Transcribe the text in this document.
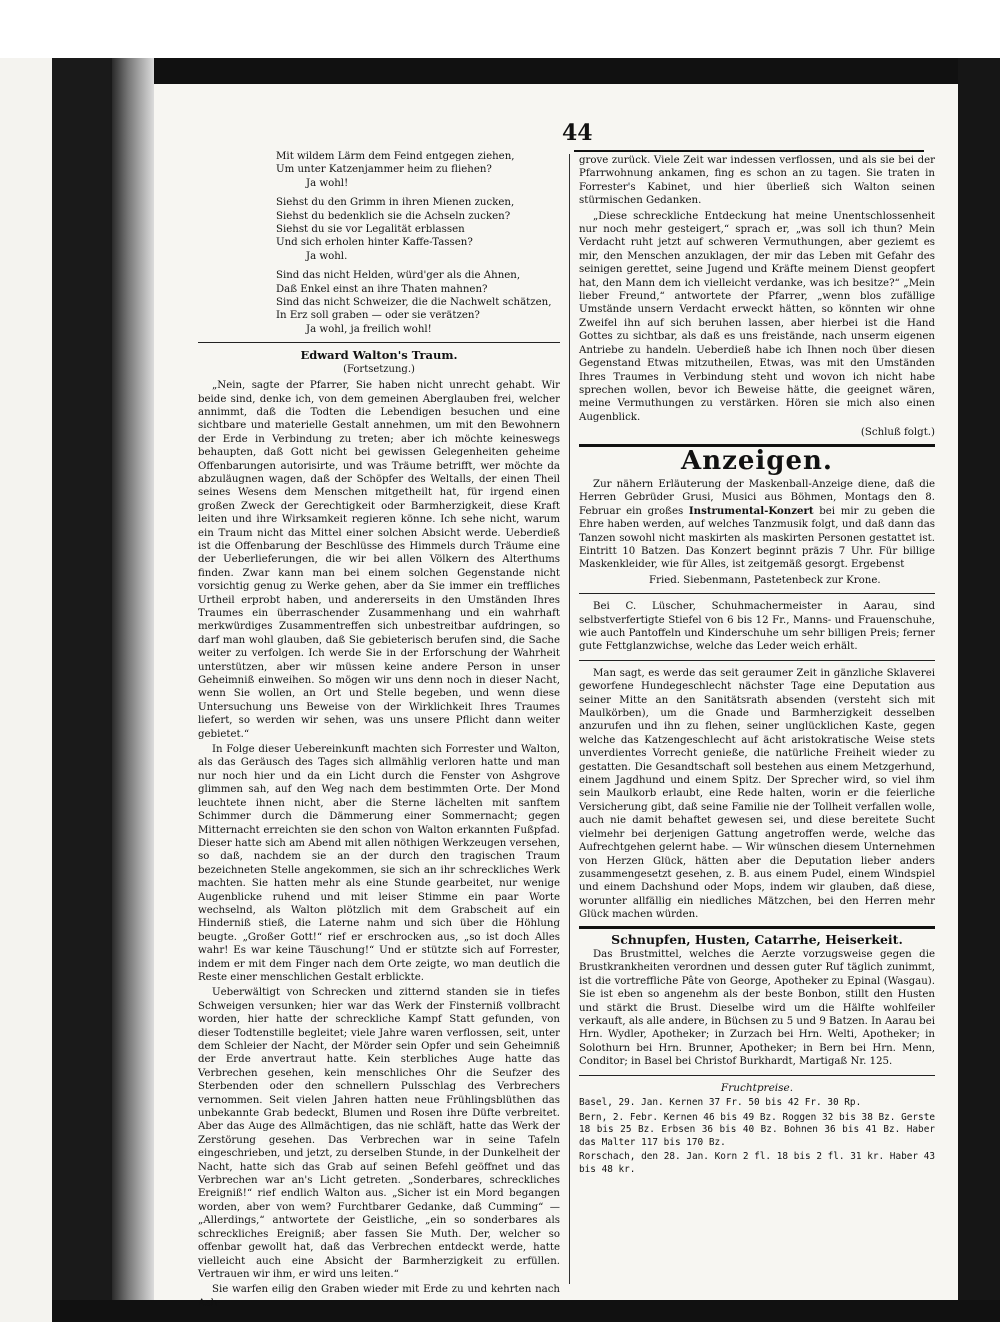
44
Mit wildem Lärm dem Feind entgegen ziehen,
Um unter Katzenjammer heim zu fliehen?
Ja wohl!
Siehst du den Grimm in ihren Mienen zucken,
Siehst du bedenklich sie die Achseln zucken?
Siehst du sie vor Legalität erblassen
Und sich erholen hinter Kaffe-Tassen?
Ja wohl.
Sind das nicht Helden, würd'ger als die Ahnen,
Daß Enkel einst an ihre Thaten mahnen?
Sind das nicht Schweizer, die die Nachwelt schätzen,
In Erz soll graben — oder sie verätzen?
Ja wohl, ja freilich wohl!
Edward Walton's Traum.
(Fortsetzung.)

„Nein, sagte der Pfarrer, Sie haben nicht unrecht gehabt. Wir beide sind, denke ich, von dem gemeinen Aberglauben frei, welcher annimmt, daß die Todten die Lebendigen besuchen und eine sichtbare und materielle Gestalt annehmen, um mit den Bewohnern der Erde in Verbindung zu treten; aber ich möchte keineswegs behaupten, daß Gott nicht bei gewissen Gelegenheiten geheime Offenbarungen autorisirte, und was Träume betrifft, wer möchte da abzuläugnen wagen, daß der Schöpfer des Weltalls, der einen Theil seines Wesens dem Menschen mitgetheilt hat, für irgend einen großen Zweck der Gerechtigkeit oder Barmherzigkeit, diese Kraft leiten und ihre Wirksamkeit regieren könne. Ich sehe nicht, warum ein Traum nicht das Mittel einer solchen Absicht werde. Ueberdieß ist die Offenbarung der Beschlüsse des Himmels durch Träume eine der Ueberlieferungen, die wir bei allen Völkern des Alterthums finden. Zwar kann man bei einem solchen Gegenstande nicht vorsichtig genug zu Werke gehen, aber da Sie immer ein treffliches Urtheil erprobt haben, und andererseits in den Umständen Ihres Traumes ein überraschender Zusammenhang und ein wahrhaft merkwürdiges Zusammentreffen sich unbestreitbar aufdringen, so darf man wohl glauben, daß Sie gebieterisch berufen sind, die Sache weiter zu verfolgen. Ich werde Sie in der Erforschung der Wahrheit unterstützen, aber wir müssen keine andere Person in unser Geheimniß einweihen. So mögen wir uns denn noch in dieser Nacht, wenn Sie wollen, an Ort und Stelle begeben, und wenn diese Untersuchung uns Beweise von der Wirklichkeit Ihres Traumes liefert, so werden wir sehen, was uns unsere Pflicht dann weiter gebietet.“

In Folge dieser Uebereinkunft machten sich Forrester und Walton, als das Geräusch des Tages sich allmählig verloren hatte und man nur noch hier und da ein Licht durch die Fenster von Ashgrove glimmen sah, auf den Weg nach dem bestimmten Orte. Der Mond leuchtete ihnen nicht, aber die Sterne lächelten mit sanftem Schimmer durch die Dämmerung einer Sommernacht; gegen Mitternacht erreichten sie den schon von Walton erkannten Fußpfad. Dieser hatte sich am Abend mit allen nöthigen Werkzeugen versehen, so daß, nachdem sie an der durch den tragischen Traum bezeichneten Stelle angekommen, sie sich an ihr schreckliches Werk machten. Sie hatten mehr als eine Stunde gearbeitet, nur wenige Augenblicke ruhend und mit leiser Stimme ein paar Worte wechselnd, als Walton plötzlich mit dem Grabscheit auf ein Hinderniß stieß, die Laterne nahm und sich über die Höhlung beugte. „Großer Gott!“ rief er erschrocken aus, „so ist doch Alles wahr! Es war keine Täuschung!“ Und er stützte sich auf Forrester, indem er mit dem Finger nach dem Orte zeigte, wo man deutlich die Reste einer menschlichen Gestalt erblickte.

Ueberwältigt von Schrecken und zitternd standen sie in tiefes Schweigen versunken; hier war das Werk der Finsterniß vollbracht worden, hier hatte der schreckliche Kampf Statt gefunden, von dieser Todtenstille begleitet; viele Jahre waren verflossen, seit, unter dem Schleier der Nacht, der Mörder sein Opfer und sein Geheimniß der Erde anvertraut hatte. Kein sterbliches Auge hatte das Verbrechen gesehen, kein menschliches Ohr die Seufzer des Sterbenden oder den schnellern Pulsschlag des Verbrechers vernommen. Seit vielen Jahren hatten neue Frühlingsblüthen das unbekannte Grab bedeckt, Blumen und Rosen ihre Düfte verbreitet. Aber das Auge des Allmächtigen, das nie schläft, hatte das Werk der Zerstörung gesehen. Das Verbrechen war in seine Tafeln eingeschrieben, und jetzt, zu derselben Stunde, in der Dunkelheit der Nacht, hatte sich das Grab auf seinen Befehl geöffnet und das Verbrechen war an's Licht getreten. „Sonderbares, schreckliches Ereigniß!“ rief endlich Walton aus. „Sicher ist ein Mord begangen worden, aber von wem? Furchtbarer Gedanke, daß Cumming“ — „Allerdings,“ antwortete der Geistliche, „ein so sonderbares als schreckliches Ereigniß; aber fassen Sie Muth. Der, welcher so offenbar gewollt hat, daß das Verbrechen entdeckt werde, hatte vielleicht auch eine Absicht der Barmherzigkeit zu erfüllen. Vertrauen wir ihm, er wird uns leiten.“

Sie warfen eilig den Graben wieder mit Erde zu und kehrten nach Ash-

grove zurück. Viele Zeit war indessen verflossen, und als sie bei der Pfarrwohnung ankamen, fing es schon an zu tagen. Sie traten in Forrester's Kabinet, und hier überließ sich Walton seinen stürmischen Gedanken.

„Diese schreckliche Entdeckung hat meine Unentschlossenheit nur noch mehr gesteigert,“ sprach er, „was soll ich thun? Mein Verdacht ruht jetzt auf schweren Vermuthungen, aber geziemt es mir, den Menschen anzuklagen, der mir das Leben mit Gefahr des seinigen gerettet, seine Jugend und Kräfte meinem Dienst geopfert hat, den Mann dem ich vielleicht verdanke, was ich besitze?“ „Mein lieber Freund,“ antwortete der Pfarrer, „wenn blos zufällige Umstände unsern Verdacht erweckt hätten, so könnten wir ohne Zweifel ihn auf sich beruhen lassen, aber hierbei ist die Hand Gottes zu sichtbar, als daß es uns freistände, nach unserm eigenen Antriebe zu handeln. Ueberdieß habe ich Ihnen noch über diesen Gegenstand Etwas mitzutheilen, Etwas, was mit den Umständen Ihres Traumes in Verbindung steht und wovon ich nicht habe sprechen wollen, bevor ich Beweise hätte, die geeignet wären, meine Vermuthungen zu verstärken. Hören sie mich also einen Augenblick.

(Schluß folgt.)
Anzeigen.

Zur nähern Erläuterung der Maskenball-Anzeige diene, daß die Herren Gebrüder Grusi, Musici aus Böhmen, Montags den 8. Februar ein großes Instrumental-Konzert bei mir zu geben die Ehre haben werden, auf welches Tanzmusik folgt, und daß dann das Tanzen sowohl nicht maskirten als maskirten Personen gestattet ist. Eintritt 10 Batzen. Das Konzert beginnt präzis 7 Uhr. Für billige Maskenkleider, wie für Alles, ist zeitgemäß gesorgt. Ergebenst

Fried. Siebenmann, Pastetenbeck zur Krone.

Bei C. Lüscher, Schuhmachermeister in Aarau, sind selbstverfertigte Stiefel von 6 bis 12 Fr., Manns- und Frauenschuhe, wie auch Pantoffeln und Kinderschuhe um sehr billigen Preis; ferner gute Fettglanzwichse, welche das Leder weich erhält.

Man sagt, es werde das seit geraumer Zeit in gänzliche Sklaverei geworfene Hundegeschlecht nächster Tage eine Deputation aus seiner Mitte an den Sanitätsrath absenden (versteht sich mit Maulkörben), um die Gnade und Barmherzigkeit desselben anzurufen und ihn zu flehen, seiner unglücklichen Kaste, gegen welche das Katzengeschlecht auf ächt aristokratische Weise stets unverdientes Vorrecht genieße, die natürliche Freiheit wieder zu gestatten. Die Gesandtschaft soll bestehen aus einem Metzgerhund, einem Jagdhund und einem Spitz. Der Sprecher wird, so viel ihm sein Maulkorb erlaubt, eine Rede halten, worin er die feierliche Versicherung gibt, daß seine Familie nie der Tollheit verfallen wolle, auch nie damit behaftet gewesen sei, und diese bereitete Sucht vielmehr bei derjenigen Gattung angetroffen werde, welche das Aufrechtgehen gelernt habe. — Wir wünschen diesem Unternehmen von Herzen Glück, hätten aber die Deputation lieber anders zusammengesetzt gesehen, z. B. aus einem Pudel, einem Windspiel und einem Dachshund oder Mops, indem wir glauben, daß diese, worunter allfällig ein niedliches Mätzchen, bei den Herren mehr Glück machen würden.

Schnupfen, Husten, Catarrhe, Heiserkeit.

Das Brustmittel, welches die Aerzte vorzugsweise gegen die Brustkrankheiten verordnen und dessen guter Ruf täglich zunimmt, ist die vortreffliche Pâte von George, Apotheker zu Epinal (Wasgau). Sie ist eben so angenehm als der beste Bonbon, stillt den Husten und stärkt die Brust. Dieselbe wird um die Hälfte wohlfeiler verkauft, als alle andere, in Büchsen zu 5 und 9 Batzen. In Aarau bei Hrn. Wydler, Apotheker; in Zurzach bei Hrn. Welti, Apotheker; in Solothurn bei Hrn. Brunner, Apotheker; in Bern bei Hrn. Menn, Conditor; in Basel bei Christof Burkhardt, Martigaß Nr. 125.

Fruchtpreise.

Basel, 29. Jan. Kernen 37 Fr. 50 bis 42 Fr. 30 Rp.

Bern, 2. Febr. Kernen 46 bis 49 Bz. Roggen 32 bis 38 Bz. Gerste 18 bis 25 Bz. Erbsen 36 bis 40 Bz. Bohnen 36 bis 41 Bz. Haber das Malter 117 bis 170 Bz.

Rorschach, den 28. Jan. Korn 2 fl. 18 bis 2 fl. 31 kr. Haber 43 bis 48 kr.
